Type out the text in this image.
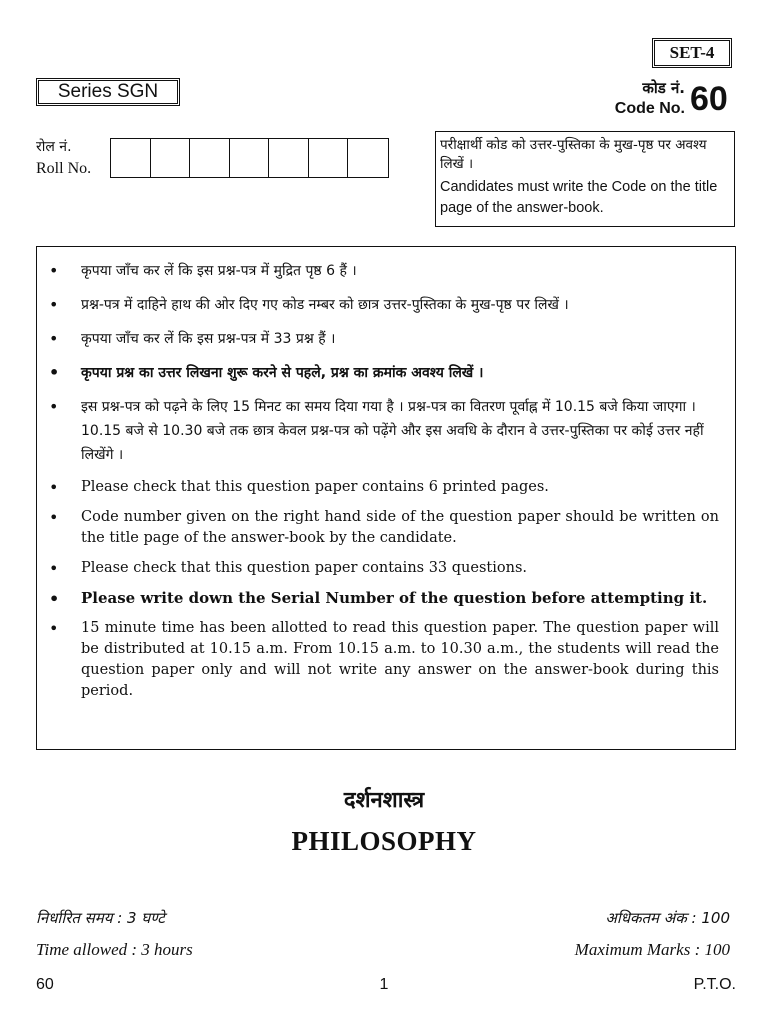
SET-4
Series SGN	कोड नं.
Code No. 60
रोल नं.
Roll No.
परीक्षार्थी कोड को उत्तर-पुस्तिका के मुख-पृष्ठ पर अवश्य लिखें ।
Candidates must write the Code on the title page of the answer-book.
• कृपया जाँच कर लें कि इस प्रश्न-पत्र में मुद्रित पृष्ठ 6 हैं ।
• प्रश्न-पत्र में दाहिने हाथ की ओर दिए गए कोड नम्बर को छात्र उत्तर-पुस्तिका के मुख-पृष्ठ पर लिखें ।
• कृपया जाँच कर लें कि इस प्रश्न-पत्र में 33 प्रश्न हैं ।
• कृपया प्रश्न का उत्तर लिखना शुरू करने से पहले, प्रश्न का क्रमांक अवश्य लिखें ।
• इस प्रश्न-पत्र को पढ़ने के लिए 15 मिनट का समय दिया गया है । प्रश्न-पत्र का वितरण पूर्वाह्न में 10.15 बजे किया जाएगा । 10.15 बजे से 10.30 बजे तक छात्र केवल प्रश्न-पत्र को पढ़ेंगे और इस अवधि के दौरान वे उत्तर-पुस्तिका पर कोई उत्तर नहीं लिखेंगे ।
• Please check that this question paper contains 6 printed pages.
• Code number given on the right hand side of the question paper should be written on the title page of the answer-book by the candidate.
• Please check that this question paper contains 33 questions.
• Please write down the Serial Number of the question before attempting it.
• 15 minute time has been allotted to read this question paper. The question paper will be distributed at 10.15 a.m. From 10.15 a.m. to 10.30 a.m., the students will read the question paper only and will not write any answer on the answer-book during this period.
दर्शनशास्त्र
PHILOSOPHY
निर्धारित समय : 3 घण्टे	अधिकतम अंक : 100
Time allowed : 3 hours	Maximum Marks : 100
60	1	P.T.O.
